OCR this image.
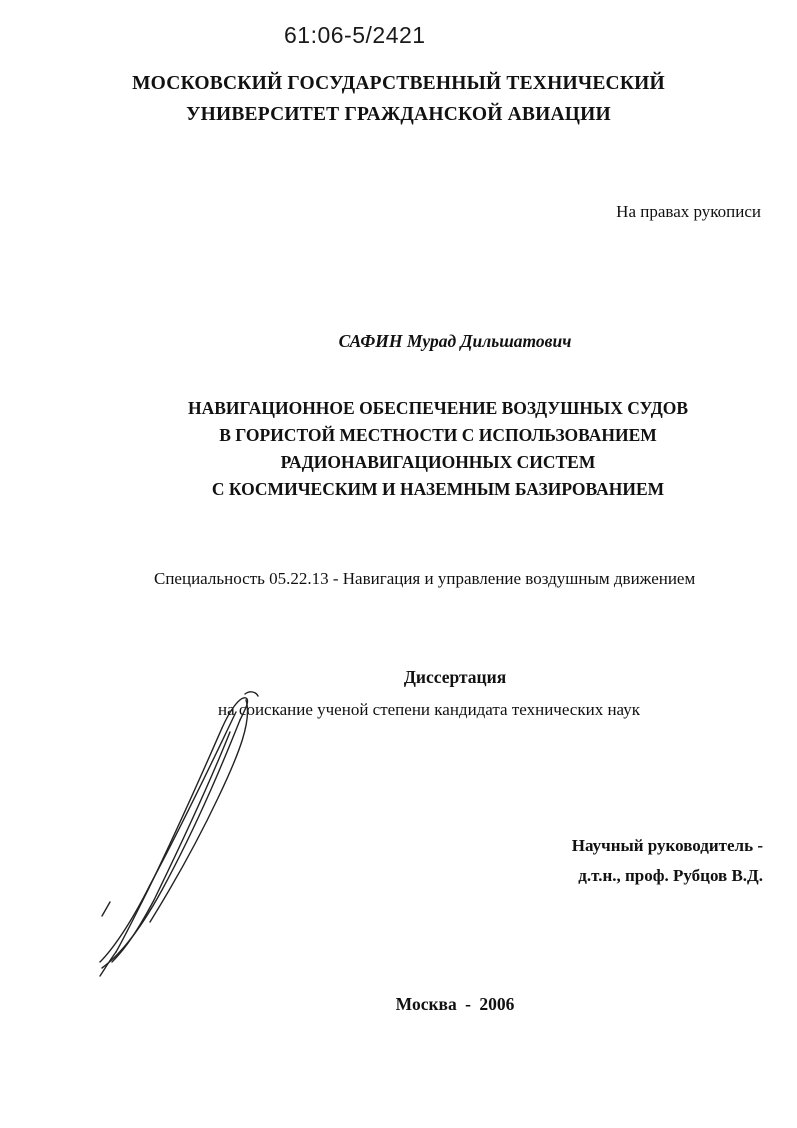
61:06-5/2421
МОСКОВСКИЙ ГОСУДАРСТВЕННЫЙ ТЕХНИЧЕСКИЙ
УНИВЕРСИТЕТ ГРАЖДАНСКОЙ АВИАЦИИ
На правах рукописи
САФИН Мурад Дильшатович
НАВИГАЦИОННОЕ ОБЕСПЕЧЕНИЕ ВОЗДУШНЫХ СУДОВ
В ГОРИСТОЙ МЕСТНОСТИ С ИСПОЛЬЗОВАНИЕМ
РАДИОНАВИГАЦИОННЫХ СИСТЕМ
С КОСМИЧЕСКИМ И НАЗЕМНЫМ БАЗИРОВАНИЕМ
Специальность 05.22.13 - Навигация и управление воздушным движением
Диссертация
на соискание ученой степени кандидата технических наук
Научный руководитель -
д.т.н., проф. Рубцов В.Д.
Москва - 2006
